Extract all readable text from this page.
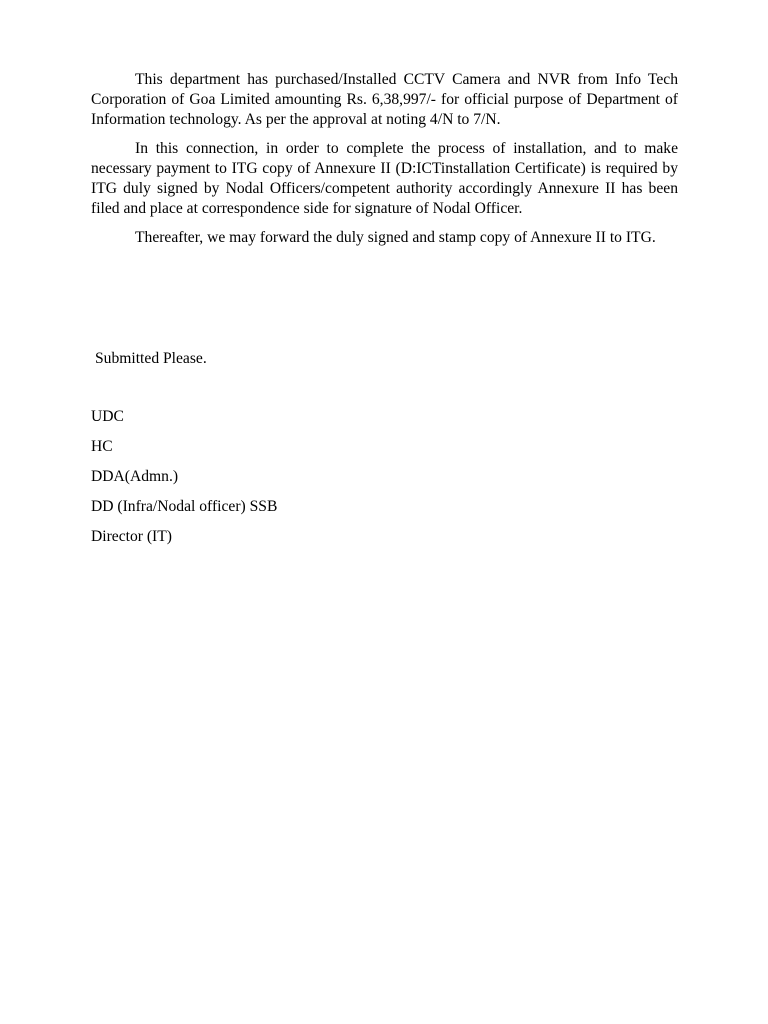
This department has purchased/Installed CCTV Camera and NVR from Info Tech Corporation of Goa Limited amounting Rs. 6,38,997/- for official purpose of Department of Information technology. As per the approval at noting 4/N to 7/N.

In this connection, in order to complete the process of installation, and to make necessary payment to ITG copy of Annexure II (D:ICTinstallation Certificate) is required by ITG duly signed by Nodal Officers/competent authority accordingly Annexure II has been filed and place at correspondence side for signature of Nodal Officer.

Thereafter, we may forward the duly signed and stamp copy of Annexure II to ITG.

Submitted Please.

UDC
HC
DDA(Admn.)
DD (Infra/Nodal officer) SSB
Director (IT)
